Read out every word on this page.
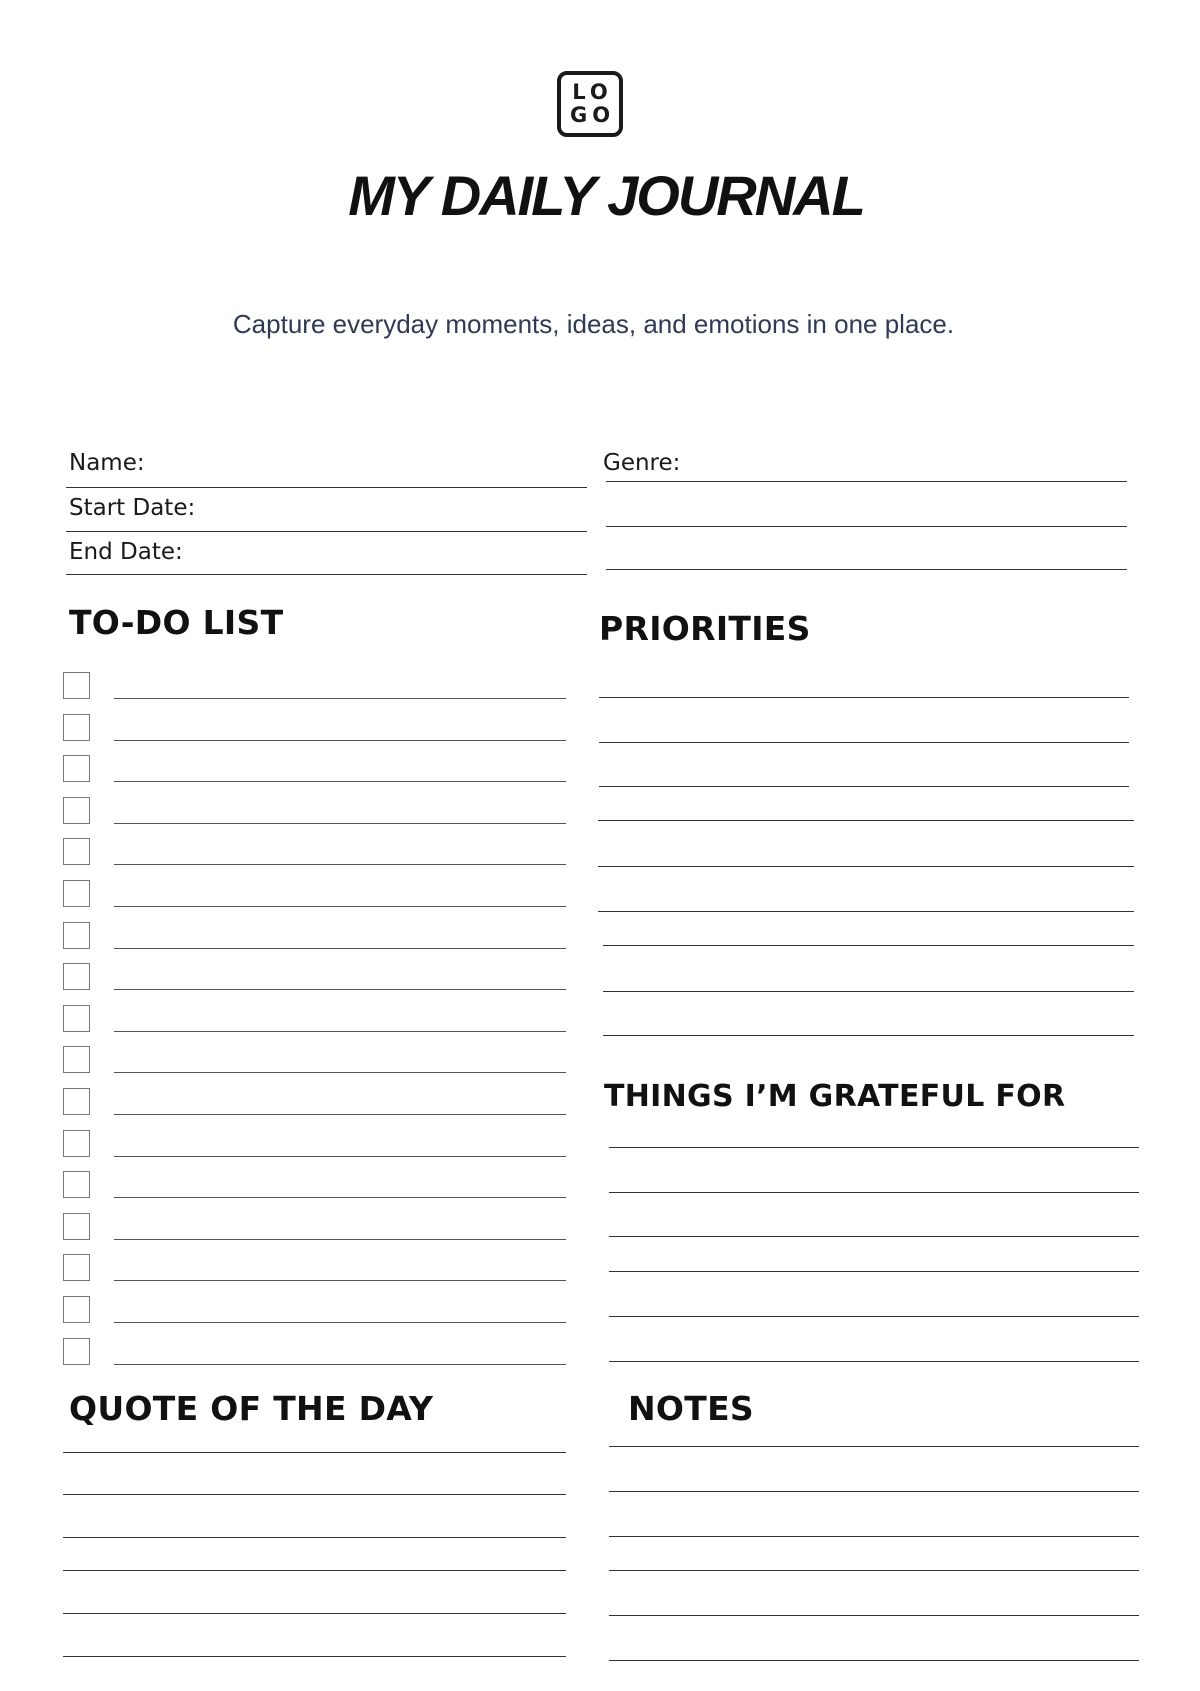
LO
GO
MY DAILY JOURNAL
Capture everyday moments, ideas, and emotions in one place.
Name:
Start Date:
End Date:
Genre:
TO-DO LIST	PRIORITIES
THINGS I’M GRATEFUL FOR
QUOTE OF THE DAY	NOTES
